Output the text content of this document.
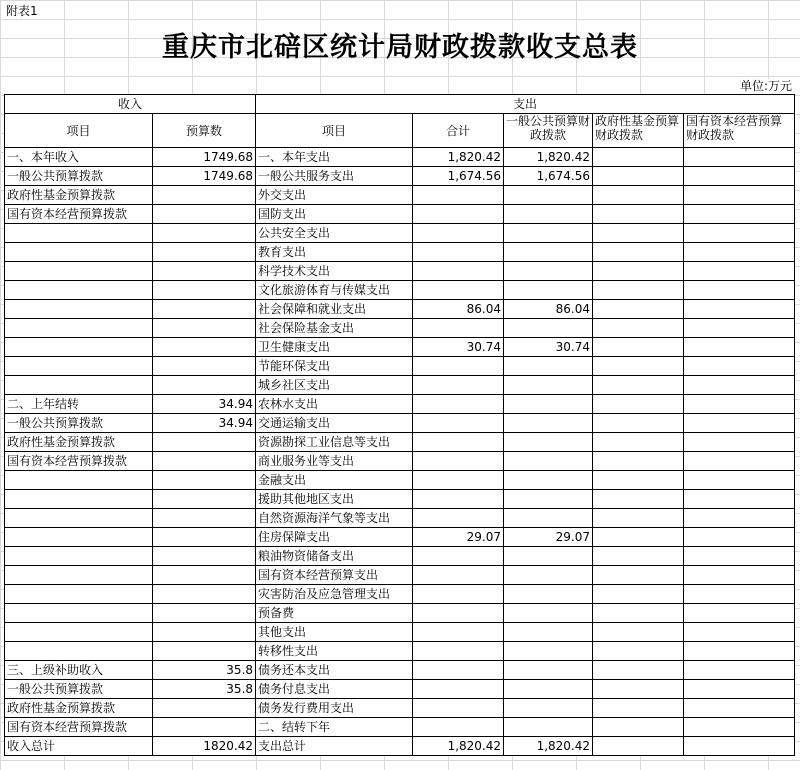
附表1
重庆市北碚区统计局财政拨款收支总表
单位:万元
收入		支出				
项目	预算数	项目	合计	一般公共预算财政拨款	政府性基金预算财政拨款	国有资本经营预算财政拨款
一、本年收入	1749.68	一、本年支出	1,820.42	1,820.42		
一般公共预算拨款	1749.68	一般公共服务支出	1,674.56	1,674.56		
政府性基金预算拨款		外交支出				
国有资本经营预算拨款		国防支出				
		公共安全支出				
		教育支出				
		科学技术支出				
		文化旅游体育与传媒支出				
		社会保障和就业支出	86.04	86.04		
		社会保险基金支出				
		卫生健康支出	30.74	30.74		
		节能环保支出				
		城乡社区支出				
二、上年结转	34.94	农林水支出				
一般公共预算拨款	34.94	交通运输支出				
政府性基金预算拨款		资源勘探工业信息等支出				
国有资本经营预算拨款		商业服务业等支出				
		金融支出				
		援助其他地区支出				
		自然资源海洋气象等支出				
		住房保障支出	29.07	29.07		
		粮油物资储备支出				
		国有资本经营预算支出				
		灾害防治及应急管理支出				
		预备费				
		其他支出				
		转移性支出				
三、上级补助收入	35.8	债务还本支出				
一般公共预算拨款	35.8	债务付息支出				
政府性基金预算拨款		债务发行费用支出				
国有资本经营预算拨款		二、结转下年				
收入总计	1820.42	支出总计	1,820.42	1,820.42		
